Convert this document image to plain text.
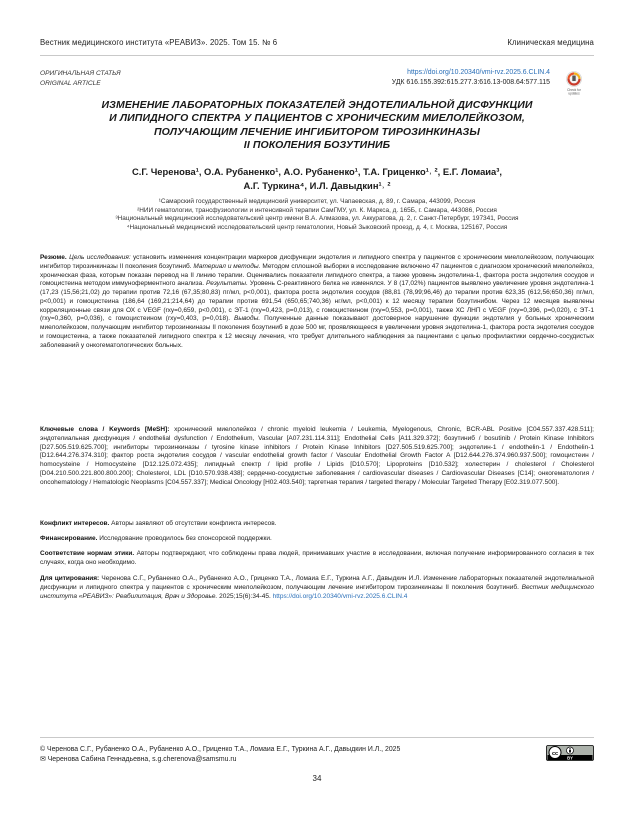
Вестник медицинского института «РЕАВИЗ». 2025. Том 15. № 6	Клиническая медицина
ОРИГИНАЛЬНАЯ СТАТЬЯ
ORIGINAL ARTICLE
https://doi.org/10.20340/vmi-rvz.2025.6.CLIN.4
УДК 616.155.392:615.277.3:616.13-008.64:577.115
Check for
updates
ИЗМЕНЕНИЕ ЛАБОРАТОРНЫХ ПОКАЗАТЕЛЕЙ ЭНДОТЕЛИАЛЬНОЙ ДИСФУНКЦИИ
И ЛИПИДНОГО СПЕКТРА У ПАЦИЕНТОВ С ХРОНИЧЕСКИМ МИЕЛОЛЕЙКОЗОМ,
ПОЛУЧАЮЩИМ ЛЕЧЕНИЕ ИНГИБИТОРОМ ТИРОЗИНКИНАЗЫ
II ПОКОЛЕНИЯ БОЗУТИНИБ
С.Г. Черенова¹, О.А. Рубаненко¹, А.О. Рубаненко¹, Т.А. Гриценко¹˒ ², Е.Г. Ломаиа³,
А.Г. Туркина⁴, И.Л. Давыдкин¹˒ ²
¹Самарский государственный медицинский университет, ул. Чапаевская, д. 89, г. Самара, 443099, Россия
²НИИ гематологии, трансфузиологии и интенсивной терапии СамГМУ, ул. К. Маркса, д. 165Б, г. Самара, 443086, Россия
³Национальный медицинский исследовательский центр имени В.А. Алмазова, ул. Аккуратова, д. 2, г. Санкт-Петербург, 197341, Россия
⁴Национальный медицинский исследовательский центр гематологии, Новый Зыковский проезд, д. 4, г. Москва, 125167, Россия
Резюме. Цель исследования: установить изменения концентрации маркеров дисфункции эндотелия и липидного спектра у пациентов с хроническим миелолейкозом, получающих ингибитор тирозинкиназы II поколения бозутиниб. Материал и методы. Методом сплошной выборки в исследование включено 47 пациентов с диагнозом хронический миелолейкоз, хроническая фаза, которым показан перевод на II линию терапии. Оценивались показатели липидного спектра, а также уровень эндотелина-1, фактора роста эндотелия сосудов и гомоцистеина методом иммуноферментного анализа. Результаты. Уровень С-реактивного белка не изменялся. У 8 (17,02%) пациентов выявлено увеличение уровня эндотелина-1 (17,23 (15,56;21,02) до терапии против 72,16 (67,35;80,83) пг/мл, p<0,001), фактора роста эндотелия сосудов (88,81 (78,99;96,46) до терапии против 623,35 (612,56;650,36) пг/мл, p<0,001) и гомоцистеина (186,64 (169,21;214,64) до терапии против 691,54 (650,65;740,36) нг/мл, p<0,001) к 12 месяцу терапии бозутинибом. Через 12 месяцев выявлены корреляционные связи для ОХ с VEGF (rxy=0,659, p<0,001), с ЭТ-1 (rxy=0,423, p=0,013), с гомоцистеином (rxy=0,553, p=0,001), также ХС ЛНП с VEGF (rxy=0,396, p=0,020), с ЭТ-1 (rxy=0,360, p=0,036), с гомоцистеином (rxy=0,403, p=0,018). Выводы. Полученные данные показывают достоверное нарушение функции эндотелия у больных хроническим миелолейкозом, получающим ингибитор тирозинкиназы II поколения бозутиниб в дозе 500 мг, проявляющееся в увеличении уровня эндотелина-1, фактора роста эндотелия сосудов и гомоцистеина, а также показателей липидного спектра к 12 месяцу лечения, что требует длительного наблюдения за пациентами с целью профилактики сердечно-сосудистых заболеваний у онкогематологических больных.
Ключевые слова / Keywords [MeSH]: хронический миелолейкоз / chronic myeloid leukemia / Leukemia, Myelogenous, Chronic, BCR-ABL Positive [C04.557.337.428.511]; эндотелиальная дисфункция / endothelial dysfunction / Endothelium, Vascular [A07.231.114.311]; Endothelial Cells [A11.329.372]; бозутиниб / bosutinib / Protein Kinase Inhibitors [D27.505.519.625.700]; ингибиторы тирозинкиназы / tyrosine kinase inhibitors / Protein Kinase Inhibitors [D27.505.519.625.700]; эндотелин-1 / endothelin-1 / Endothelin-1 [D12.644.276.374.310]; фактор роста эндотелия сосудов / vascular endothelial growth factor / Vascular Endothelial Growth Factor A [D12.644.276.374.960.937.500]; гомоцистеин / homocysteine / Homocysteine [D12.125.072.435]; липидный спектр / lipid profile / Lipids [D10.570]; Lipoproteins [D10.532]; холестерин / cholesterol / Cholesterol [D04.210.500.221.800.800.200]; Cholesterol, LDL [D10.570.938.438]; сердечно-сосудистые заболевания / cardiovascular diseases / Cardiovascular Diseases [C14]; онкогематология / oncohematology / Hematologic Neoplasms [C04.557.337]; Medical Oncology [H02.403.540]; таргетная терапия / targeted therapy / Molecular Targeted Therapy [E02.319.077.500].
Конфликт интересов. Авторы заявляют об отсутствии конфликта интересов.
Финансирование. Исследование проводилось без спонсорской поддержки.
Соответствие нормам этики. Авторы подтверждают, что соблюдены права людей, принимавших участие в исследовании, включая получение информированного согласия в тех случаях, когда оно необходимо.
Для цитирования: Черенова С.Г., Рубаненко О.А., Рубаненко А.О., Гриценко Т.А., Ломаиа Е.Г., Туркина А.Г., Давыдкин И.Л. Изменение лабораторных показателей эндотелиальной дисфункции и липидного спектра у пациентов с хроническим миелолейкозом, получающим лечение ингибитором тирозинкиназы II поколения бозутиниб. Вестник медицинского института «РЕАВИЗ»: Реабилитация, Врач и Здоровье. 2025;15(6):34-45. https://doi.org/10.20340/vmi-rvz.2025.6.CLIN.4
© Черенова С.Г., Рубаненко О.А., Рубаненко А.О., Гриценко Т.А., Ломаиа Е.Г., Туркина А.Г., Давыдкин И.Л., 2025
✉ Черенова Сабина Геннадьевна, s.g.cherenova@samsmu.ru
cc
BY
34
